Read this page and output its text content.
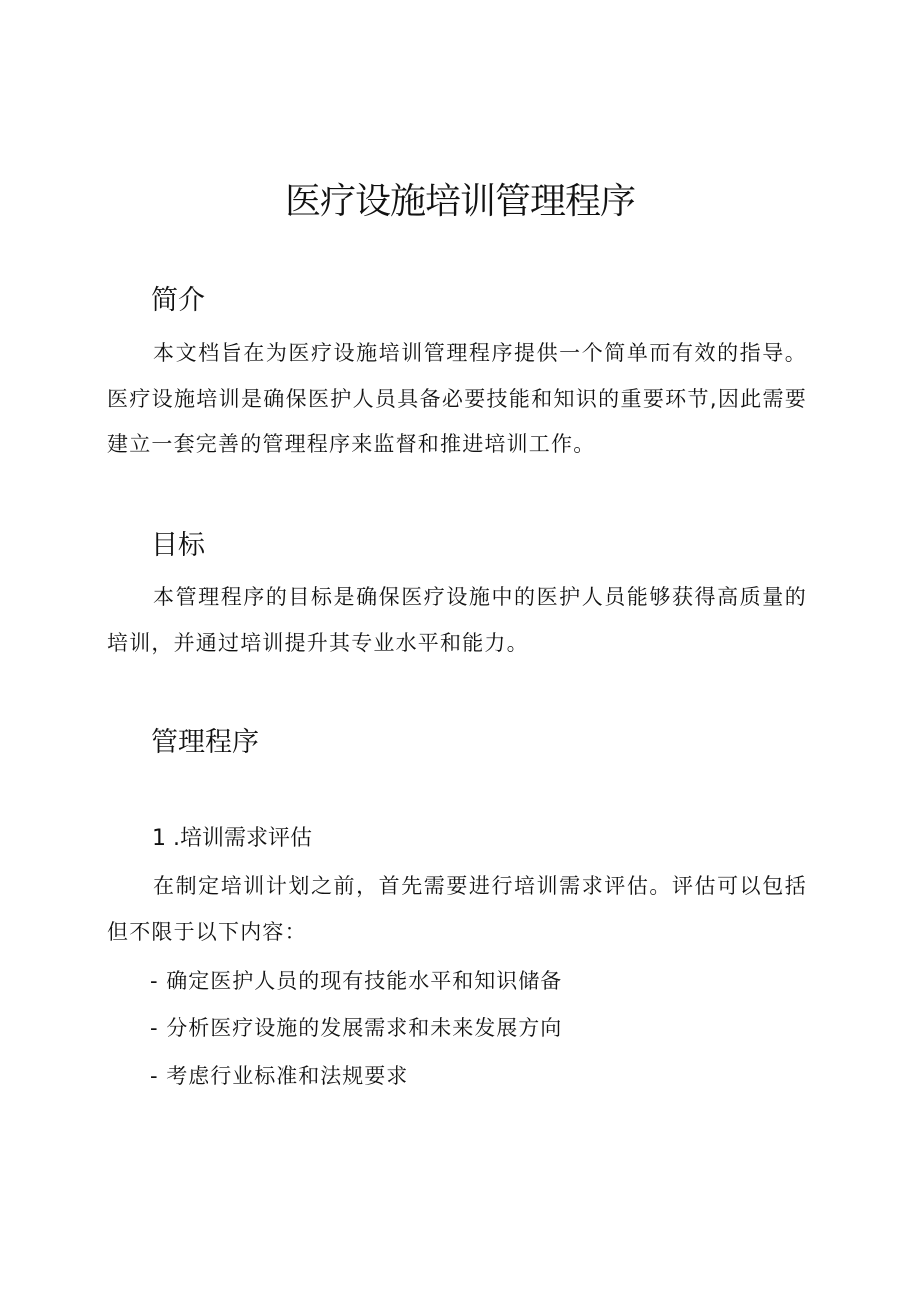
医疗设施培训管理程序
简介

本文档旨在为医疗设施培训管理程序提供一个简单而有效的指导。医疗设施培训是确保医护人员具备必要技能和知识的重要环节,因此需要建立一套完善的管理程序来监督和推进培训工作。

目标

本管理程序的目标是确保医疗设施中的医护人员能够获得高质量的培训，并通过培训提升其专业水平和能力。

管理程序
1 .培训需求评估

在制定培训计划之前，首先需要进行培训需求评估。评估可以包括但不限于以下内容：

- 确定医护人员的现有技能水平和知识储备

- 分析医疗设施的发展需求和未来发展方向

- 考虑行业标准和法规要求
